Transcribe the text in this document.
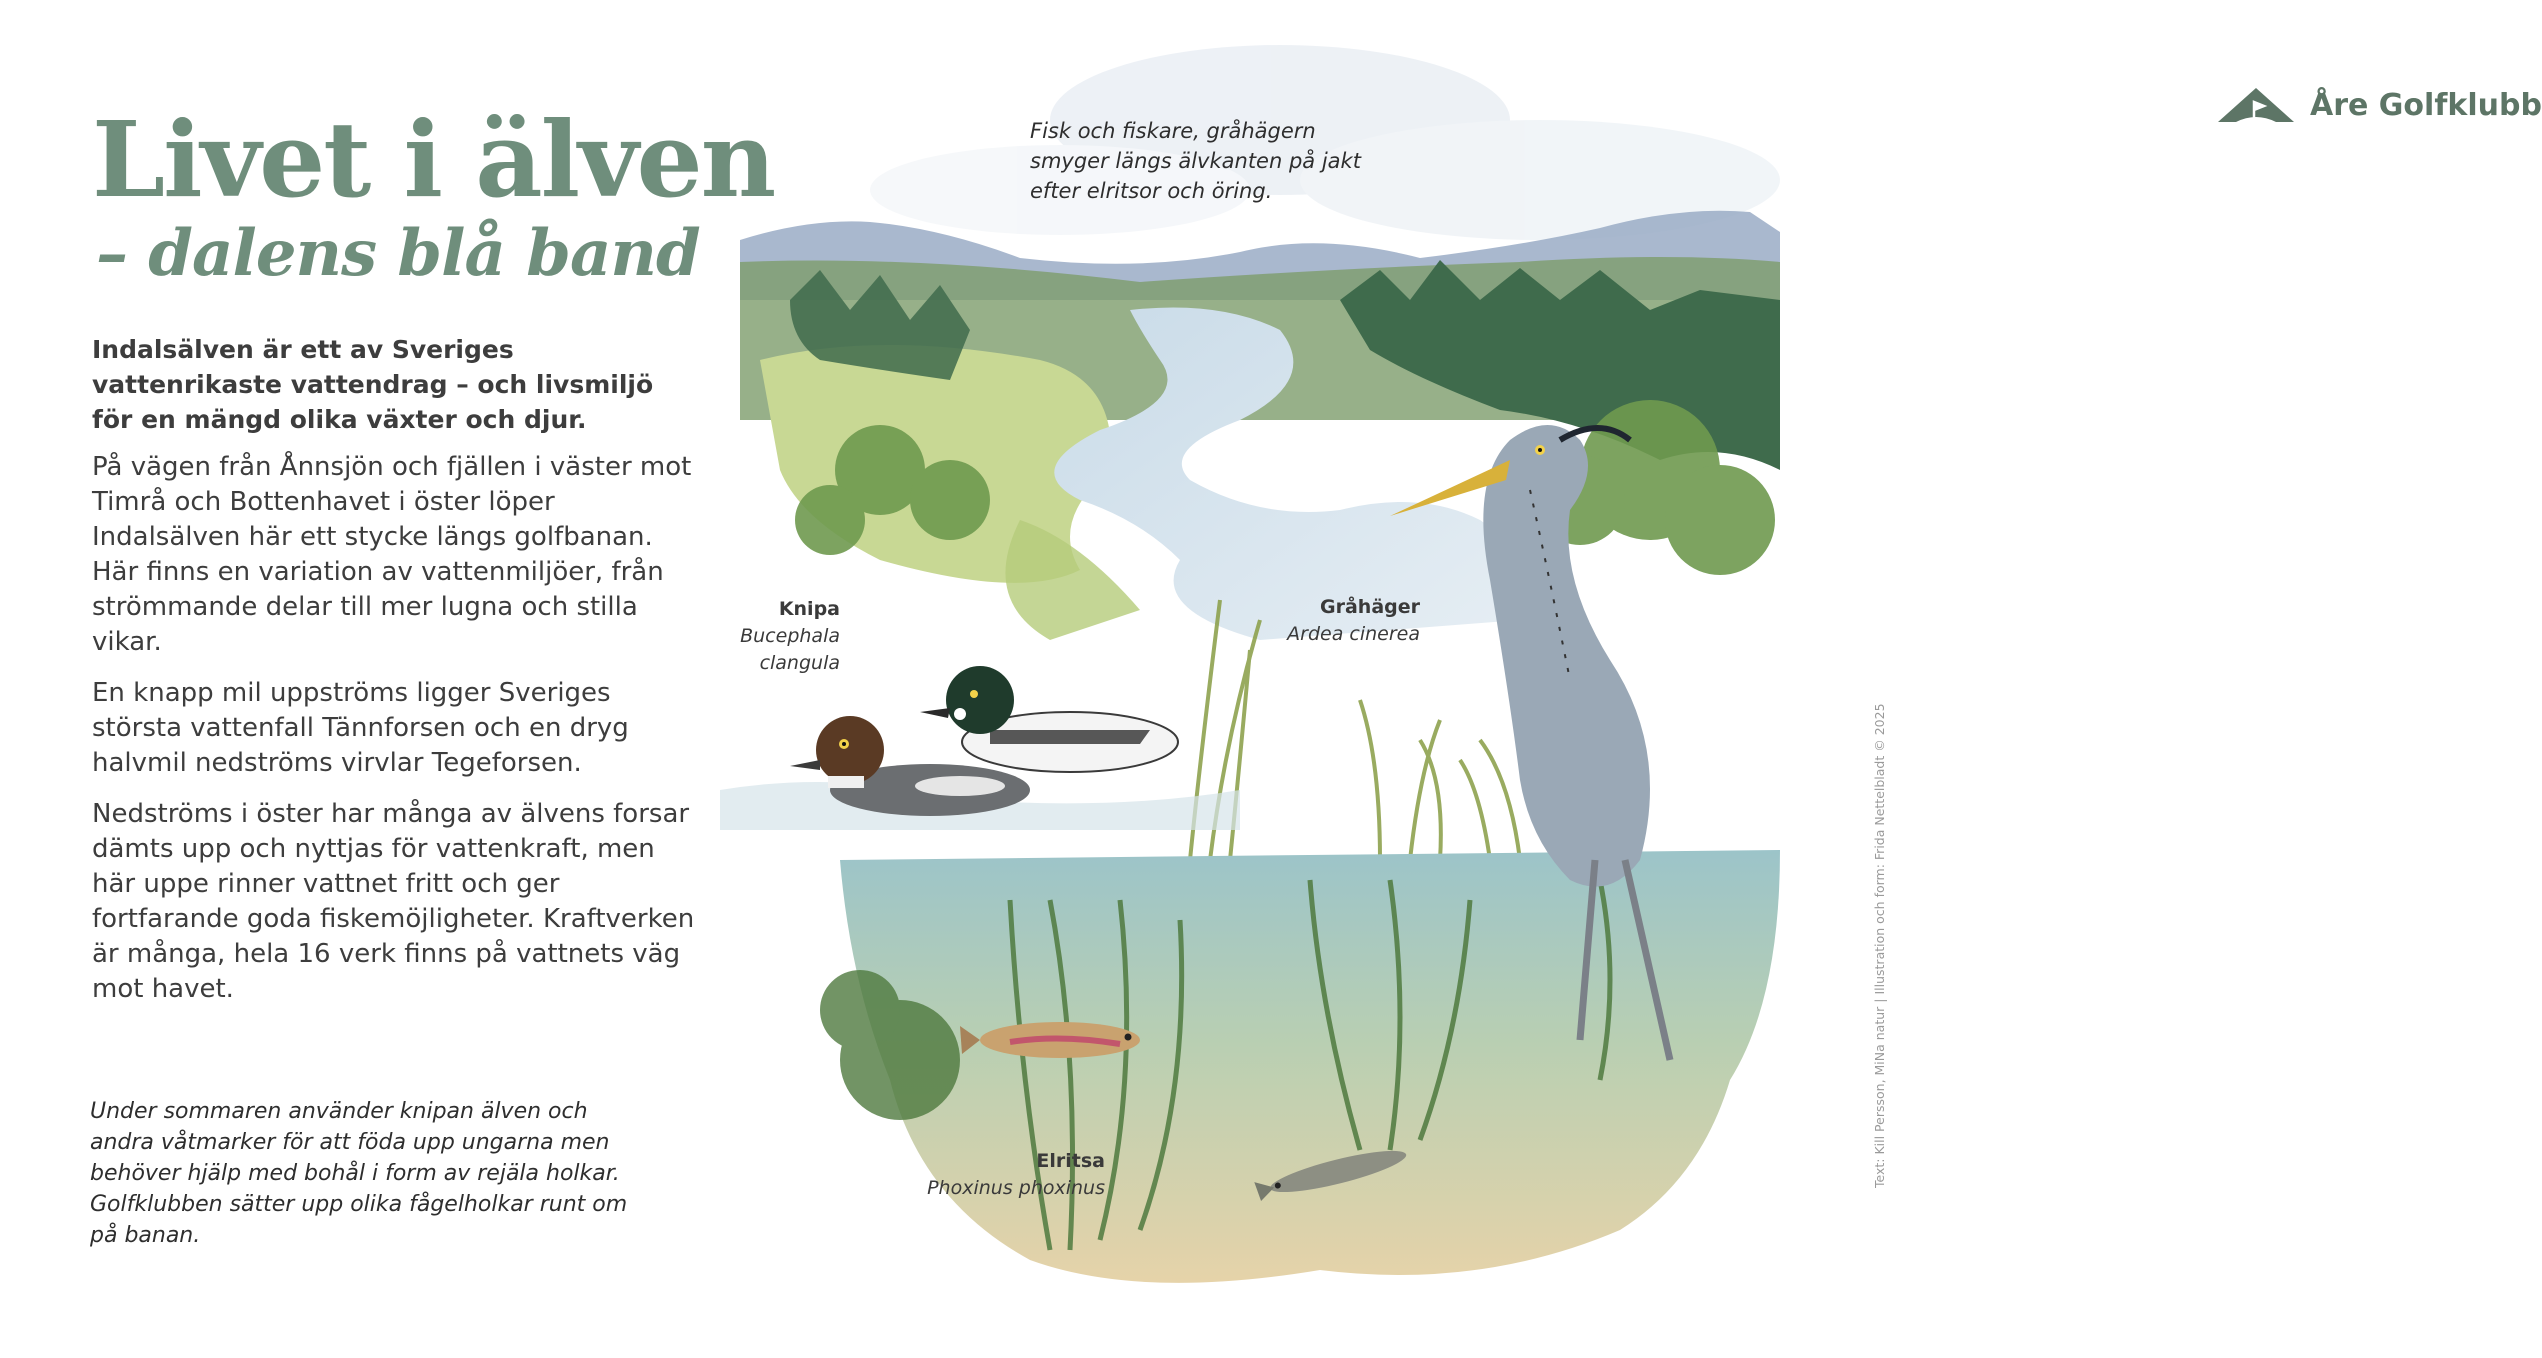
Livet i älven
– dalens blå band

Indalsälven är ett av Sveriges vattenrikaste vattendrag – och livsmiljö för en mängd olika växter och djur.

På vägen från Ånnsjön och fjällen i väster mot Timrå och Bottenhavet i öster löper Indalsälven här ett stycke längs golfbanan. Här finns en variation av vattenmiljöer, från strömmande delar till mer lugna och stilla vikar.

En knapp mil uppströms ligger Sveriges största vattenfall Tännforsen och en dryg halvmil nedströms virvlar Tegeforsen.

Nedströms i öster har många av älvens forsar dämts upp och nyttjas för vattenkraft, men här uppe rinner vattnet fritt och ger fortfarande goda fiskemöjligheter. Kraftverken är många, hela 16 verk finns på vattnets väg mot havet.

Under sommaren använder knipan älven och andra våtmarker för att föda upp ungarna men behöver hjälp med bohål i form av rejäla holkar. Golfklubben sätter upp olika fågelholkar runt om på banan.

Åre Golfklubb

Fisk och fiskare, gråhägern smyger längs älvkanten på jakt efter elritsor och öring.

Knipa
Bucephala clangula
Gråhäger
Ardea cinerea
Elritsa
Phoxinus phoxinus	Text: Kill Persson, MiNa natur | Illustration och form: Frida Nettelbladt © 2025
